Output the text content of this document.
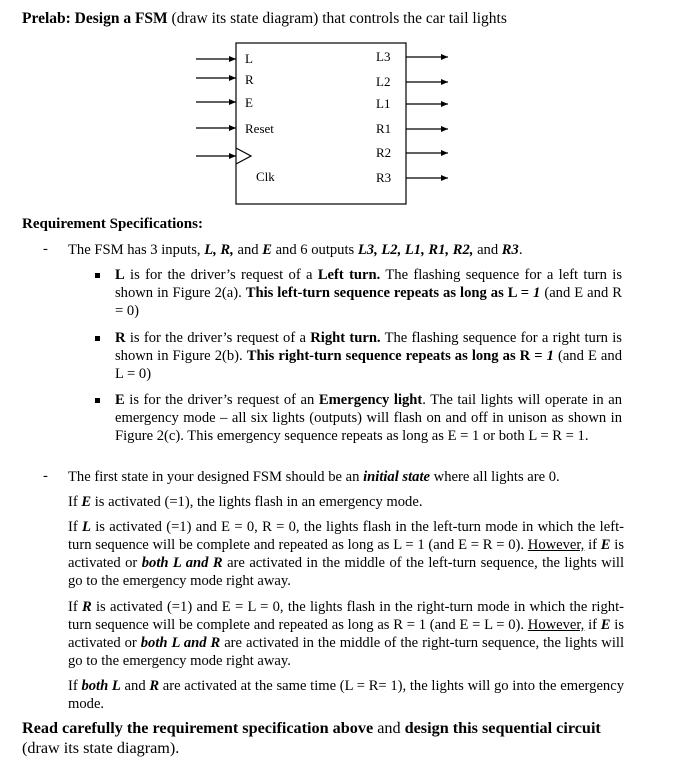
Prelab: Design a FSM (draw its state diagram) that controls the car tail lights
L
R
E
Reset
Clk
L3
L2
L1
R1
R2
R3
Requirement Specifications:
- The FSM has 3 inputs, L, R, and E and 6 outputs L3, L2, L1, R1, R2, and R3.
L is for the driver’s request of a Left turn. The flashing sequence for a left turn is shown in Figure 2(a). This left-turn sequence repeats as long as L = 1 (and E and R = 0)
R is for the driver’s request of a Right turn. The flashing sequence for a right turn is shown in Figure 2(b). This right-turn sequence repeats as long as R = 1 (and E and L = 0)
E is for the driver’s request of an Emergency light. The tail lights will operate in an emergency mode – all six lights (outputs) will flash on and off in unison as shown in Figure 2(c). This emergency sequence repeats as long as E = 1 or both L = R = 1.
- The first state in your designed FSM should be an initial state where all lights are 0.
If E is activated (=1), the lights flash in an emergency mode.
If L is activated (=1) and E = 0, R = 0, the lights flash in the left-turn mode in which the left-turn sequence will be complete and repeated as long as L = 1 (and E = R = 0). However, if E is activated or both L and R are activated in the middle of the left-turn sequence, the lights will go to the emergency mode right away.
If R is activated (=1) and E = L = 0, the lights flash in the right-turn mode in which the right-turn sequence will be complete and repeated as long as R = 1 (and E = L = 0). However, if E is activated or both L and R are activated in the middle of the right-turn sequence, the lights will go to the emergency mode right away.
If both L and R are activated at the same time (L = R= 1), the lights will go into the emergency mode.
Read carefully the requirement specification above and design this sequential circuit (draw its state diagram).
